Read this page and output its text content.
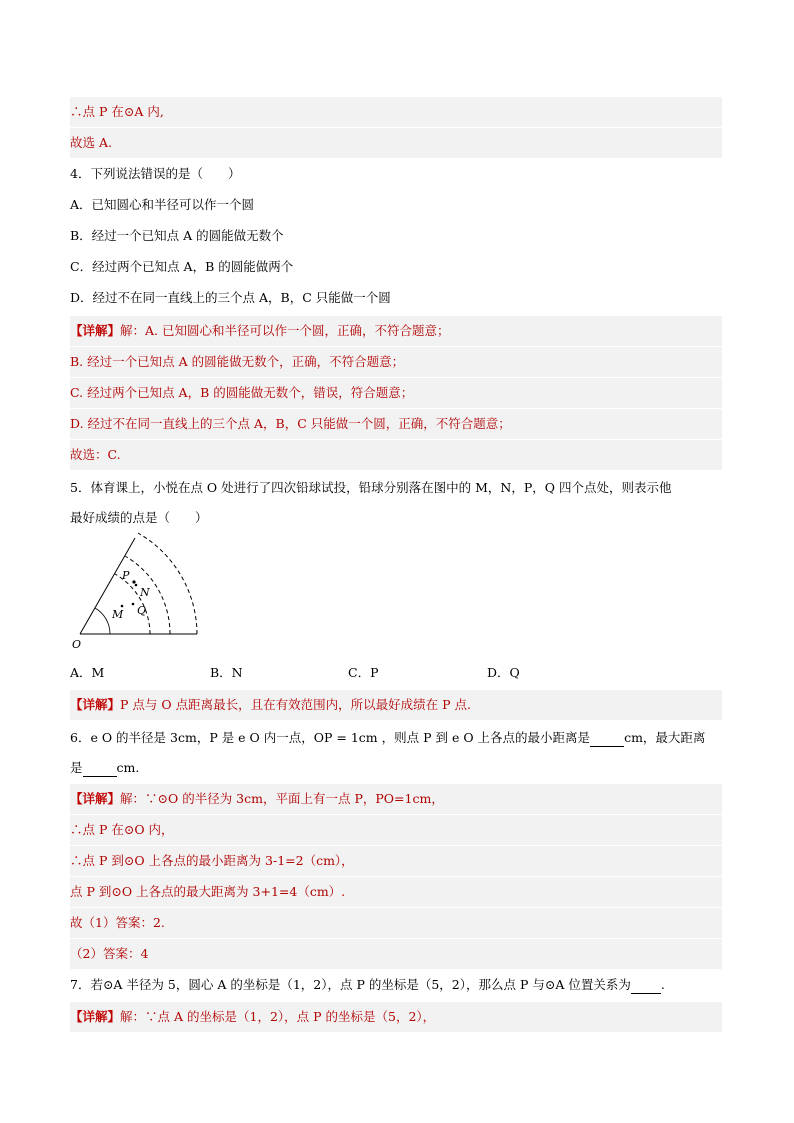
∴点 P 在⊙A 内,
故选 A.
4．下列说法错误的是（　　）
A．已知圆心和半径可以作一个圆
B．经过一个已知点 A 的圆能做无数个
C．经过两个已知点 A，B 的圆能做两个
D．经过不在同一直线上的三个点 A，B，C 只能做一个圆
【详解】解：A. 已知圆心和半径可以作一个圆，正确，不符合题意；
B. 经过一个已知点 A 的圆能做无数个，正确，不符合题意；
C. 经过两个已知点 A，B 的圆能做无数个，错误，符合题意；
D. 经过不在同一直线上的三个点 A，B，C 只能做一个圆，正确，不符合题意；
故选：C.
5．体育课上，小悦在点 O 处进行了四次铅球试投，铅球分别落在图中的 M，N，P，Q 四个点处，则表示他
最好成绩的点是（　　）
O
P
N
M Q
A．M	B．N	C．P	D．Q
【详解】P 点与 O 点距离最长，且在有效范围内，所以最好成绩在 P 点.
6．e O 的半径是 3cm，P 是 e O 内一点，OP = 1cm ，则点 P 到 e O 上各点的最小距离是	cm，最大距离
是	cm.
【详解】解：∵⊙O 的半径为 3cm，平面上有一点 P，PO=1cm，
∴点 P 在⊙O 内，
∴点 P 到⊙O 上各点的最小距离为 3-1=2（cm），
点 P 到⊙O 上各点的最大距离为 3+1=4（cm）.
故（1）答案：2.
（2）答案：4
7．若⊙A 半径为 5，圆心 A 的坐标是（1，2），点 P 的坐标是（5，2），那么点 P 与⊙A 位置关系为 .
【详解】解：∵点 A 的坐标是（1，2），点 P 的坐标是（5，2），
